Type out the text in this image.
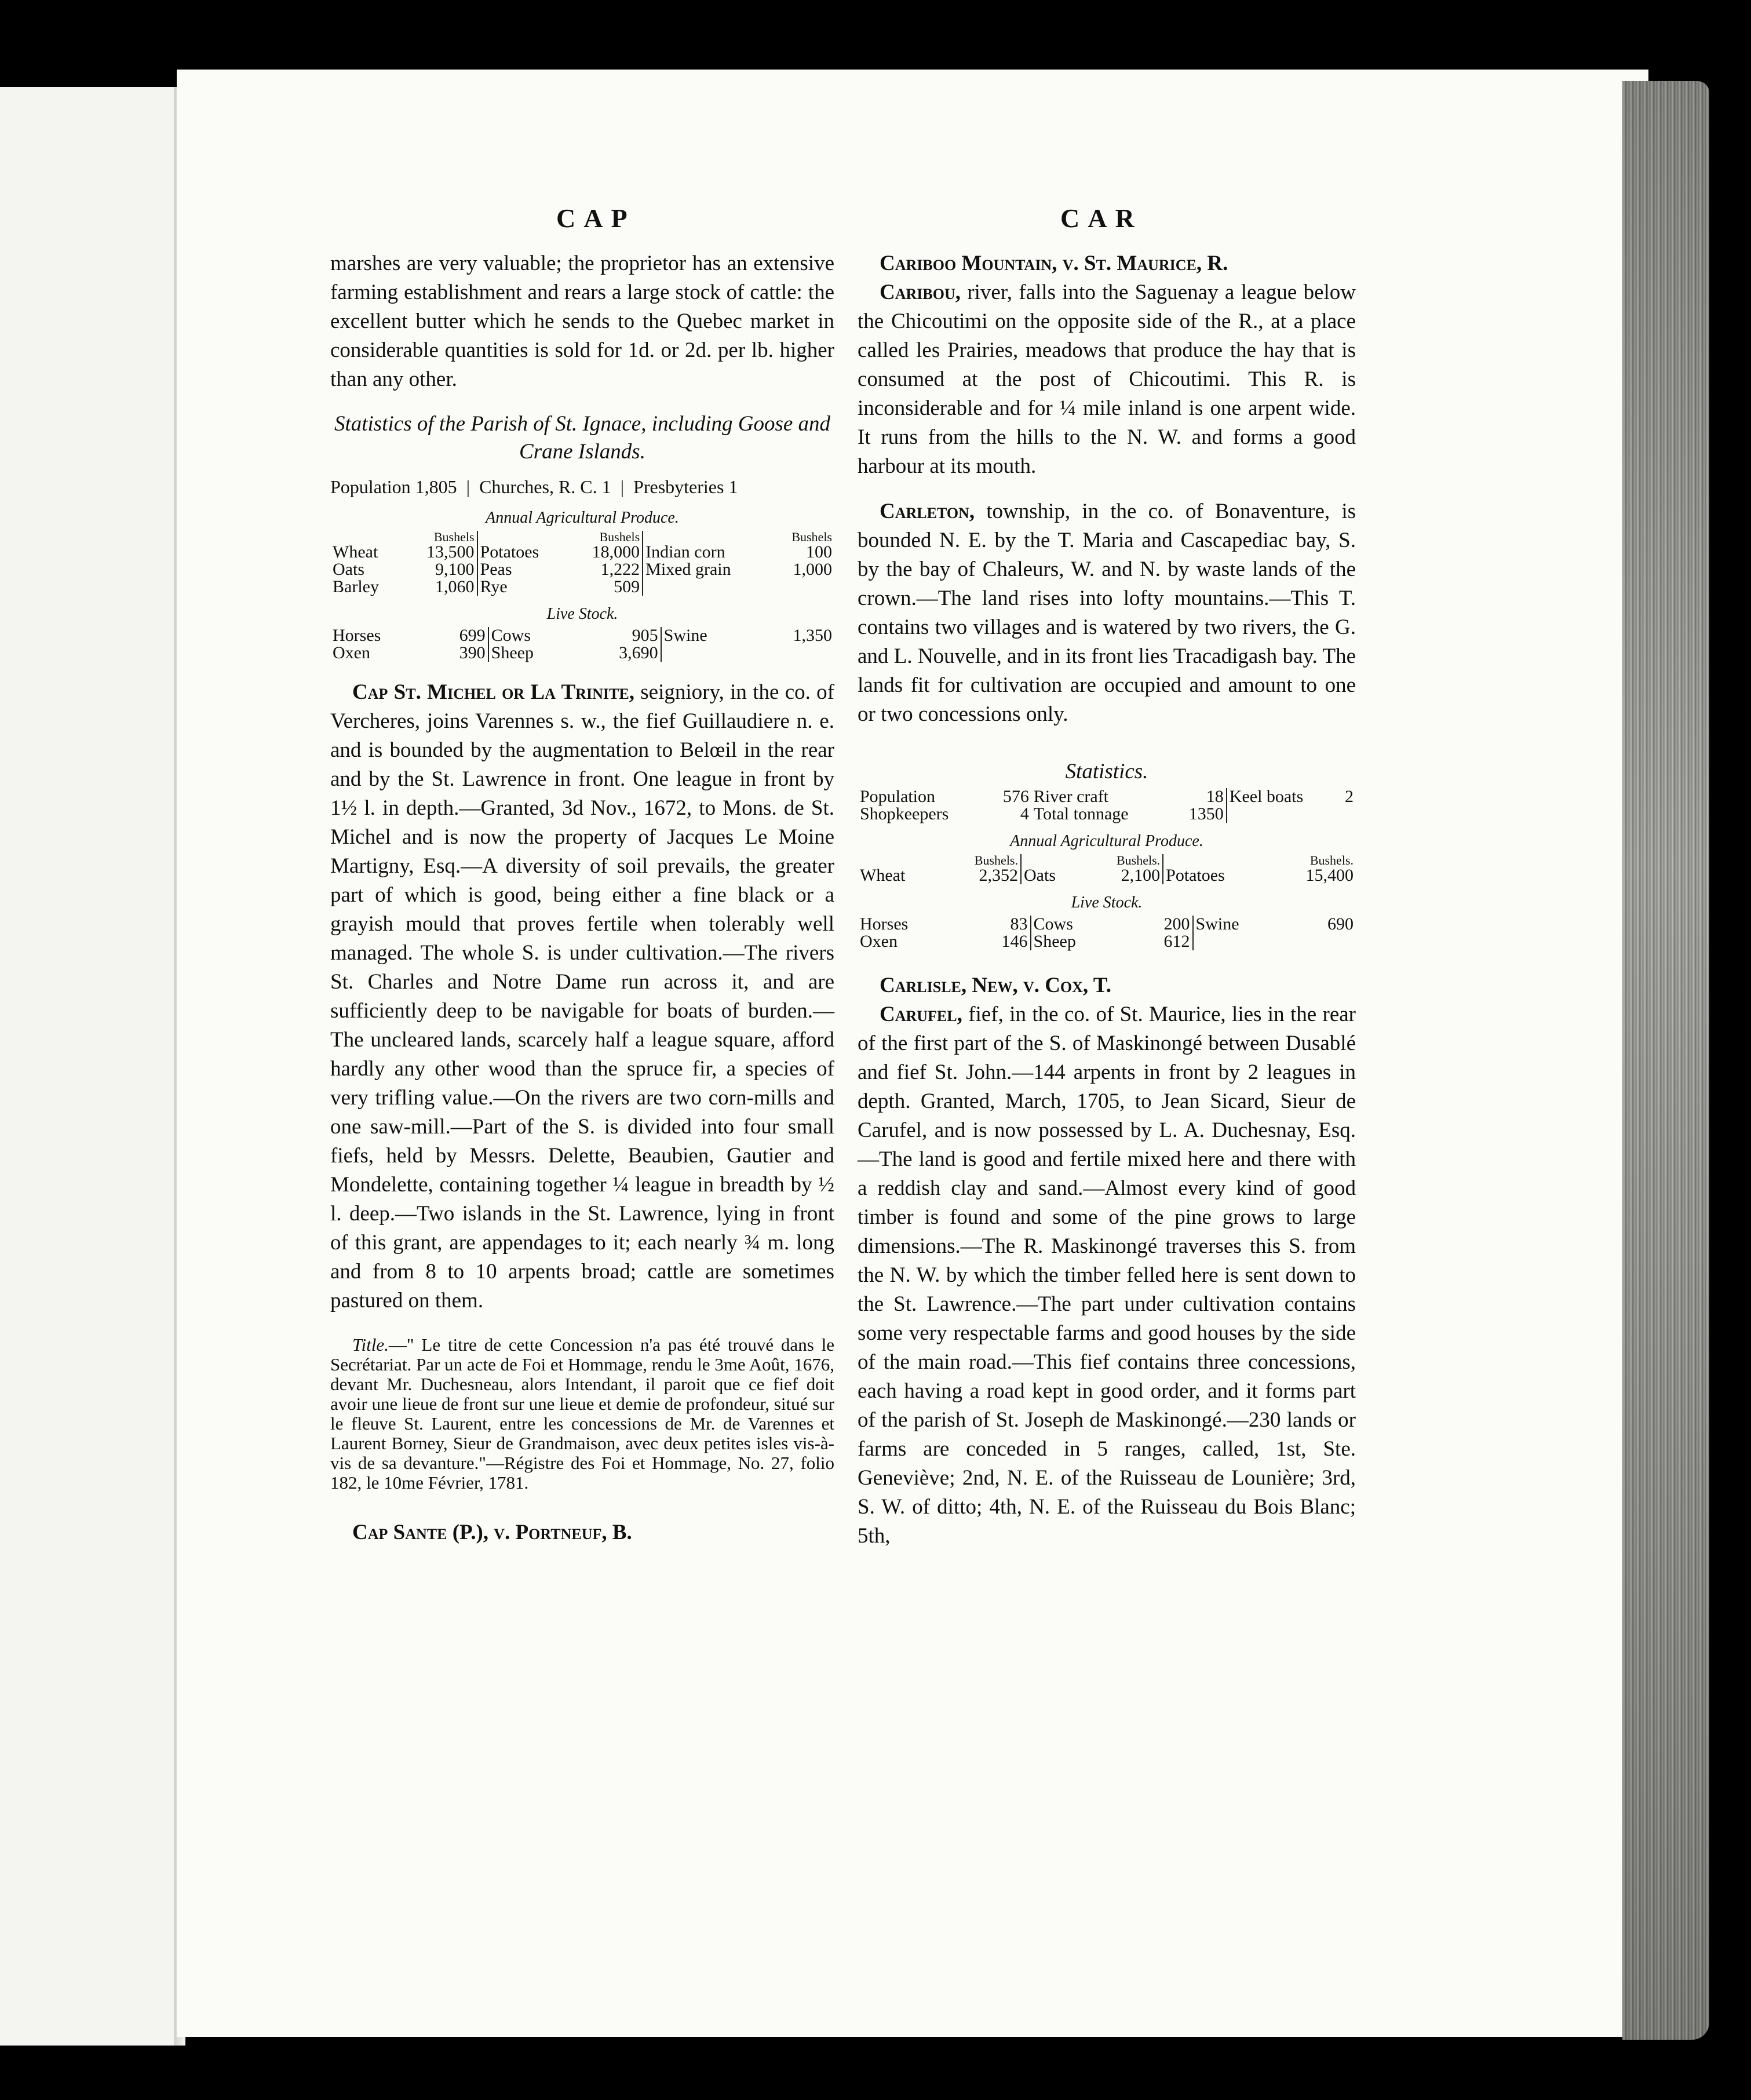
CAP	CAR

marshes are very valuable; the proprietor has an extensive farming establishment and rears a large stock of cattle: the excellent butter which he sends to the Quebec market in considerable quantities is sold for 1d. or 2d. per lb. higher than any other.

Statistics of the Parish of St. Ignace, including Goose and Crane Islands.
Population 1,805 | Churches, R. C. 1 | Presbyteries 1
Annual Agricultural Produce.
	Bushels		Bushels		Bushels
Wheat	13,500	Potatoes	18,000	Indian corn	100
Oats	9,100	Peas	1,222	Mixed grain	1,000
Barley	1,060	Rye	509		
Live Stock.
Horses	699	Cows	905	Swine	1,350
Oxen	390	Sheep	3,690		

Cap St. Michel or La Trinite, seigniory, in the co. of Vercheres, joins Varennes s. w., the fief Guillaudiere n. e. and is bounded by the augmentation to Belœil in the rear and by the St. Lawrence in front. One league in front by 1½ l. in depth.—Granted, 3d Nov., 1672, to Mons. de St. Michel and is now the property of Jacques Le Moine Martigny, Esq.—A diversity of soil prevails, the greater part of which is good, being either a fine black or a grayish mould that proves fertile when tolerably well managed. The whole S. is under cultivation.—The rivers St. Charles and Notre Dame run across it, and are sufficiently deep to be navigable for boats of burden.—The uncleared lands, scarcely half a league square, afford hardly any other wood than the spruce fir, a species of very trifling value.—On the rivers are two corn-mills and one saw-mill.—Part of the S. is divided into four small fiefs, held by Messrs. Delette, Beaubien, Gautier and Mondelette, containing together ¼ league in breadth by ½ l. deep.—Two islands in the St. Lawrence, lying in front of this grant, are appendages to it; each nearly ¾ m. long and from 8 to 10 arpents broad; cattle are sometimes pastured on them.

Title.—" Le titre de cette Concession n'a pas été trouvé dans le Secrétariat. Par un acte de Foi et Hommage, rendu le 3me Août, 1676, devant Mr. Duchesneau, alors Intendant, il paroit que ce fief doit avoir une lieue de front sur une lieue et demie de profondeur, situé sur le fleuve St. Laurent, entre les concessions de Mr. de Varennes et Laurent Borney, Sieur de Grandmaison, avec deux petites isles vis-à-vis de sa devanture."—Régistre des Foi et Hommage, No. 27, folio 182, le 10me Février, 1781.

Cap Sante (P.), v. Portneuf, B.

Cariboo Mountain, v. St. Maurice, R.

Caribou, river, falls into the Saguenay a league below the Chicoutimi on the opposite side of the R., at a place called les Prairies, meadows that produce the hay that is consumed at the post of Chicoutimi. This R. is inconsiderable and for ¼ mile inland is one arpent wide. It runs from the hills to the N. W. and forms a good harbour at its mouth.

Carleton, township, in the co. of Bonaventure, is bounded N. E. by the T. Maria and Cascapediac bay, S. by the bay of Chaleurs, W. and N. by waste lands of the crown.—The land rises into lofty mountains.—This T. contains two villages and is watered by two rivers, the G. and L. Nouvelle, and in its front lies Tracadigash bay. The lands fit for cultivation are occupied and amount to one or two concessions only.

Statistics.
Population	576	River craft	18	Keel boats	2
Shopkeepers	4	Total tonnage	1350		
Annual Agricultural Produce.
	Bushels.		Bushels.		Bushels.
Wheat	2,352	Oats	2,100	Potatoes	15,400
Live Stock.
Horses	83	Cows	200	Swine	690
Oxen	146	Sheep	612		

Carlisle, New, v. Cox, T.

Carufel, fief, in the co. of St. Maurice, lies in the rear of the first part of the S. of Maskinongé between Dusablé and fief St. John.—144 arpents in front by 2 leagues in depth. Granted, March, 1705, to Jean Sicard, Sieur de Carufel, and is now possessed by L. A. Duchesnay, Esq.—The land is good and fertile mixed here and there with a reddish clay and sand.—Almost every kind of good timber is found and some of the pine grows to large dimensions.—The R. Maskinongé traverses this S. from the N. W. by which the timber felled here is sent down to the St. Lawrence.—The part under cultivation contains some very respectable farms and good houses by the side of the main road.—This fief contains three concessions, each having a road kept in good order, and it forms part of the parish of St. Joseph de Maskinongé.—230 lands or farms are conceded in 5 ranges, called, 1st, Ste. Geneviève; 2nd, N. E. of the Ruisseau de Lounière; 3rd, S. W. of ditto; 4th, N. E. of the Ruisseau du Bois Blanc; 5th,
